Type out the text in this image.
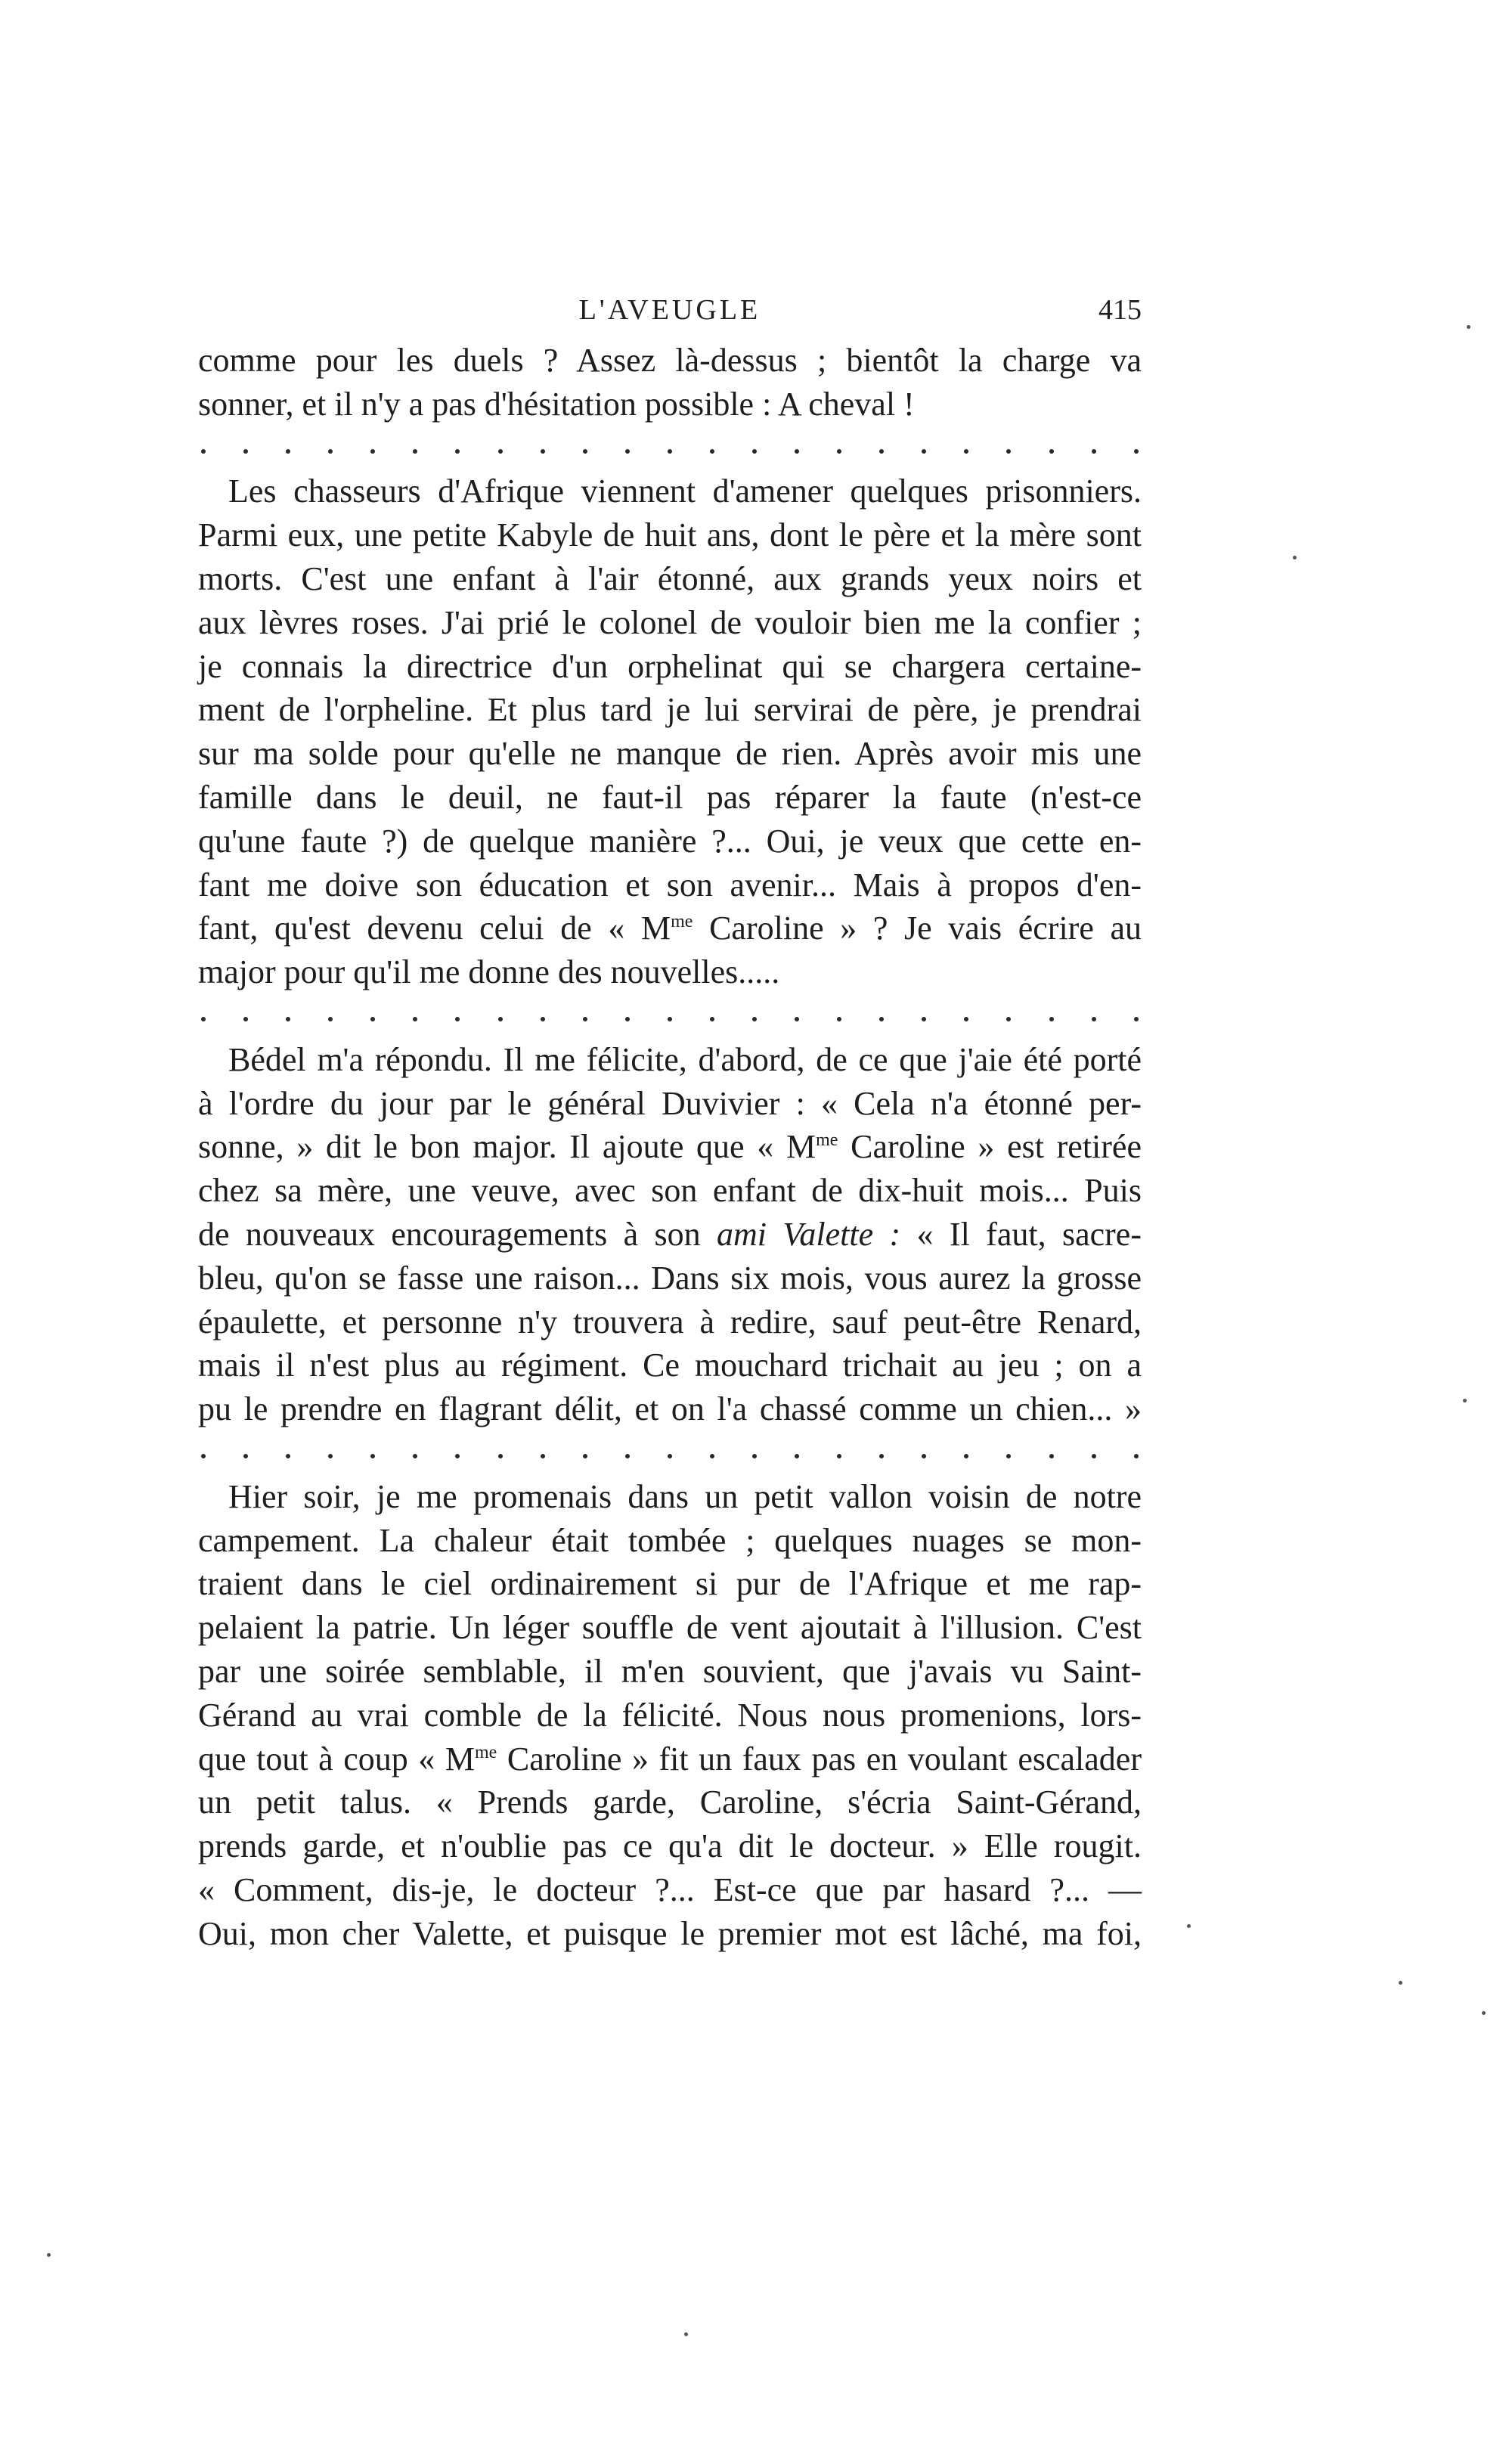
L'AVEUGLE	415
comme pour les duels ? Assez là-dessus ; bientôt la charge va
sonner, et il n'y a pas d'hésitation possible : A cheval !
Les chasseurs d'Afrique viennent d'amener quelques prisonniers.
Parmi eux, une petite Kabyle de huit ans, dont le père et la mère sont
morts. C'est une enfant à l'air étonné, aux grands yeux noirs et
aux lèvres roses. J'ai prié le colonel de vouloir bien me la confier ;
je connais la directrice d'un orphelinat qui se chargera certaine-
ment de l'orpheline. Et plus tard je lui servirai de père, je prendrai
sur ma solde pour qu'elle ne manque de rien. Après avoir mis une
famille dans le deuil, ne faut-il pas réparer la faute (n'est-ce
qu'une faute ?) de quelque manière ?... Oui, je veux que cette en-
fant me doive son éducation et son avenir... Mais à propos d'en-
fant, qu'est devenu celui de « $M^{me}$ Caroline » ? Je vais écrire au
major pour qu'il me donne des nouvelles.....
Bédel m'a répondu. Il me félicite, d'abord, de ce que j'aie été porté
à l'ordre du jour par le général Duvivier : « Cela n'a étonné per-
sonne, » dit le bon major. Il ajoute que « $M^{me}$ Caroline » est retirée
chez sa mère, une veuve, avec son enfant de dix-huit mois... Puis
de nouveaux encouragements à son ami Valette : « Il faut, sacre-
bleu, qu'on se fasse une raison... Dans six mois, vous aurez la grosse
épaulette, et personne n'y trouvera à redire, sauf peut-être Renard,
mais il n'est plus au régiment. Ce mouchard trichait au jeu ; on a
pu le prendre en flagrant délit, et on l'a chassé comme un chien... »
Hier soir, je me promenais dans un petit vallon voisin de notre
campement. La chaleur était tombée ; quelques nuages se mon-
traient dans le ciel ordinairement si pur de l'Afrique et me rap-
pelaient la patrie. Un léger souffle de vent ajoutait à l'illusion. C'est
par une soirée semblable, il m'en souvient, que j'avais vu Saint-
Gérand au vrai comble de la félicité. Nous nous promenions, lors-
que tout à coup « $M^{me}$ Caroline » fit un faux pas en voulant escalader
un petit talus. « Prends garde, Caroline, s'écria Saint-Gérand,
prends garde, et n'oublie pas ce qu'a dit le docteur. » Elle rougit.
« Comment, dis-je, le docteur ?... Est-ce que par hasard ?... —
Oui, mon cher Valette, et puisque le premier mot est lâché, ma foi,
